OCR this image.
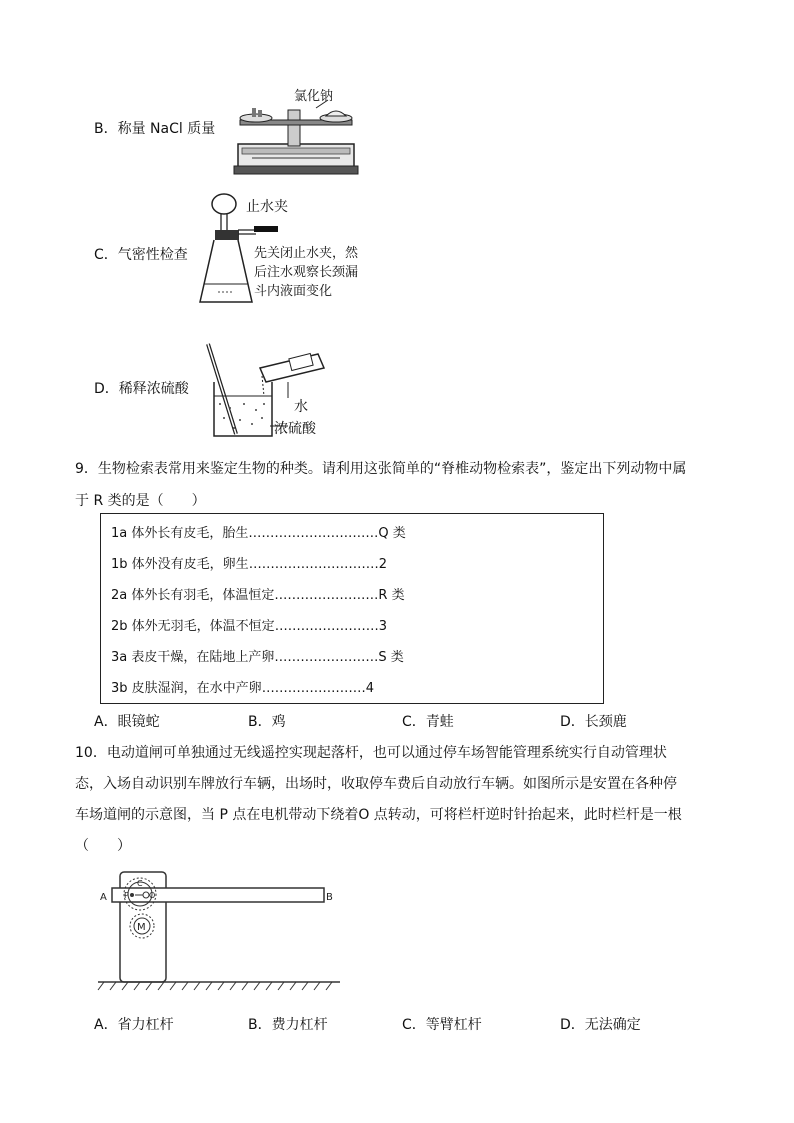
B．称量 NaCl 质量
氯化钠
C．气密性检查
止水夹
先关闭止水夹，然
后注水观察长颈漏
斗内液面变化
D．稀释浓硫酸
水
浓硫酸
9．生物检索表常用来鉴定生物的种类。请利用这张简单的“脊椎动物检索表”，鉴定出下列动物中属
于 R 类的是（　　）
1a 体外长有皮毛，胎生…………………………Q 类
1b 体外没有皮毛，卵生…………………………2
2a 体外长有羽毛，体温恒定……………………R 类
2b 体外无羽毛，体温不恒定……………………3
3a 表皮干燥，在陆地上产卵……………………S 类
3b 皮肤湿润，在水中产卵……………………4
A．眼镜蛇	B．鸡	C．青蛙	D．长颈鹿
10．电动道闸可单独通过无线遥控实现起落杆，也可以通过停车场智能管理系统实行自动管理状
态，入场自动识别车牌放行车辆，出场时，收取停车费后自动放行车辆。如图所示是安置在各种停
车场道闸的示意图，当 P 点在电机带动下绕着O 点转动，可将栏杆逆时针抬起来，此时栏杆是一根
（　　）
A	B
P	O
C
M
A．省力杠杆	B．费力杠杆	C．等臂杠杆	D．无法确定
